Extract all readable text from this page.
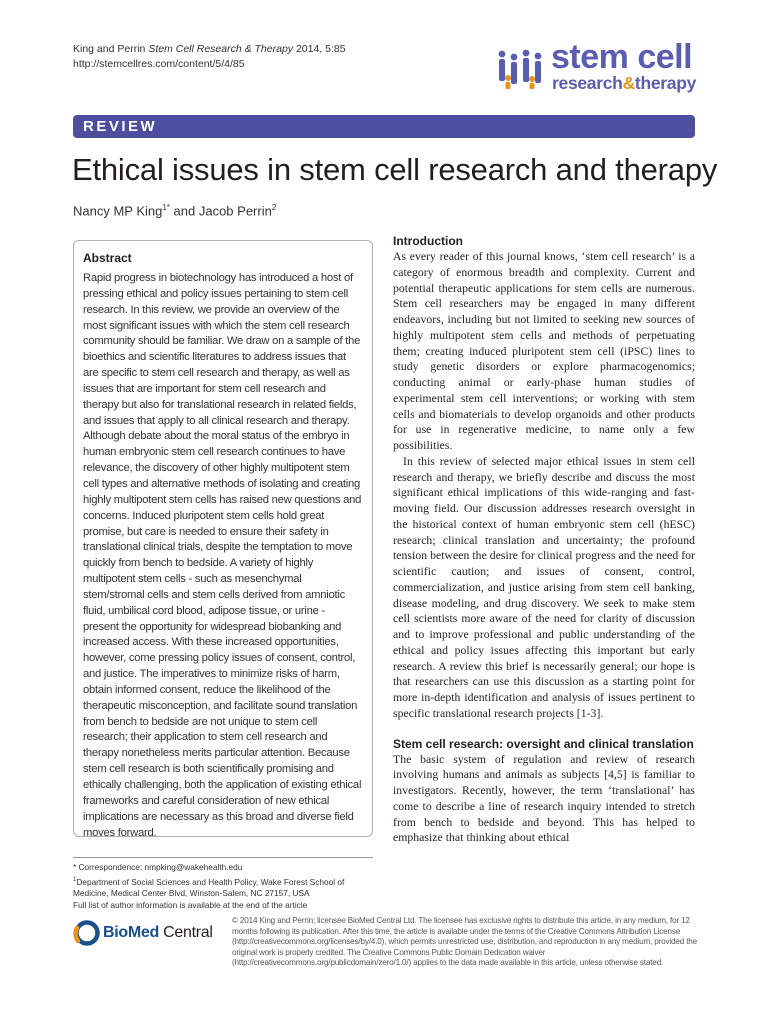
King and Perrin Stem Cell Research & Therapy 2014, 5:85
http://stemcellres.com/content/5/4/85	stem cell
research&therapy
REVIEW
Ethical issues in stem cell research and therapy
Nancy MP King$^{1*}$ and Jacob Perrin$^2$
Abstract
Rapid progress in biotechnology has introduced a host of pressing ethical and policy issues pertaining to stem cell research. In this review, we provide an overview of the most significant issues with which the stem cell research community should be familiar. We draw on a sample of the bioethics and scientific literatures to address issues that are specific to stem cell research and therapy, as well as issues that are important for stem cell research and therapy but also for translational research in related fields, and issues that apply to all clinical research and therapy. Although debate about the moral status of the embryo in human embryonic stem cell research continues to have relevance, the discovery of other highly multipotent stem cell types and alternative methods of isolating and creating highly multipotent stem cells has raised new questions and concerns. Induced pluripotent stem cells hold great promise, but care is needed to ensure their safety in translational clinical trials, despite the temptation to move quickly from bench to bedside. A variety of highly multipotent stem cells - such as mesenchymal stem/stromal cells and stem cells derived from amniotic fluid, umbilical cord blood, adipose tissue, or urine - present the opportunity for widespread biobanking and increased access. With these increased opportunities, however, come pressing policy issues of consent, control, and justice. The imperatives to minimize risks of harm, obtain informed consent, reduce the likelihood of the therapeutic misconception, and facilitate sound translation from bench to bedside are not unique to stem cell research; their application to stem cell research and therapy nonetheless merits particular attention. Because stem cell research is both scientifically promising and ethically challenging, both the application of existing ethical frameworks and careful consideration of new ethical implications are necessary as this broad and diverse field moves forward.

* Correspondence: nmpking@wakehealth.edu

$^1$Department of Social Sciences and Health Policy, Wake Forest School of Medicine, Medical Center Blvd, Winston-Salem, NC 27157, USA

Full list of author information is available at the end of the article

BioMed Central
© 2014 King and Perrin; licensee BioMed Central Ltd. The licensee has exclusive rights to distribute this article, in any medium, for 12 months following its publication. After this time, the article is available under the terms of the Creative Commons Attribution License (http://creativecommons.org/licenses/by/4.0), which permits unrestricted use, distribution, and reproduction in any medium, provided the original work is properly credited. The Creative Commons Public Domain Dedication waiver (http://creativecommons.org/publicdomain/zero/1.0/) applies to the data made available in this article, unless otherwise stated.
Introduction

As every reader of this journal knows, ‘stem cell research’ is a category of enormous breadth and complexity. Current and potential therapeutic applications for stem cells are numerous. Stem cell researchers may be engaged in many different endeavors, including but not limited to seeking new sources of highly multipotent stem cells and methods of perpetuating them; creating induced pluripotent stem cell (iPSC) lines to study genetic disorders or explore pharmacogenomics; conducting animal or early-phase human studies of experimental stem cell interventions; or working with stem cells and biomaterials to develop organoids and other products for use in regenerative medicine, to name only a few possibilities.

In this review of selected major ethical issues in stem cell research and therapy, we briefly describe and discuss the most significant ethical implications of this wide-ranging and fast-moving field. Our discussion addresses research oversight in the historical context of human embryonic stem cell (hESC) research; clinical translation and uncertainty; the profound tension between the desire for clinical progress and the need for scientific caution; and issues of consent, control, commercialization, and justice arising from stem cell banking, disease modeling, and drug discovery. We seek to make stem cell scientists more aware of the need for clarity of discussion and to improve professional and public understanding of the ethical and policy issues affecting this important but early research. A review this brief is necessarily general; our hope is that researchers can use this discussion as a starting point for more in-depth identification and analysis of issues pertinent to specific translational research projects [1-3].

Stem cell research: oversight and clinical translation

The basic system of regulation and review of research involving humans and animals as subjects [4,5] is familiar to investigators. Recently, however, the term ‘translational’ has come to describe a line of research inquiry intended to stretch from bench to bedside and beyond. This has helped to emphasize that thinking about ethical
